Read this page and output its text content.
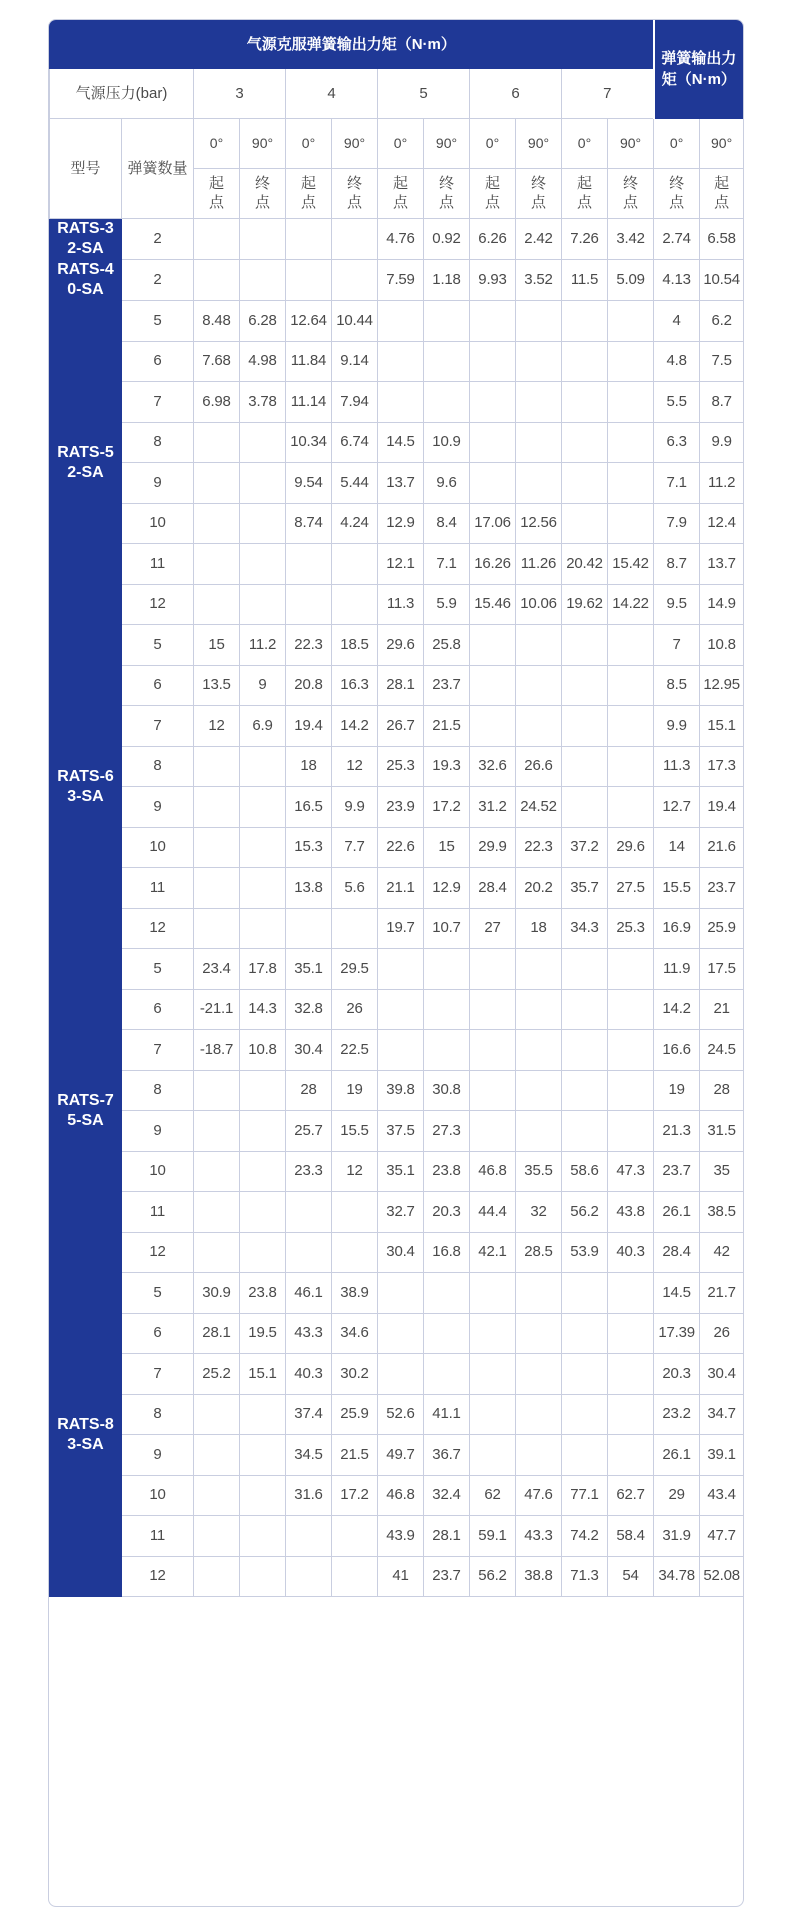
气源克服弹簧输出力矩（N·m）												弹簧输出力矩（N·m）	

气源压力(bar)		3		4		5		6		7			
型号	弹簧数量	0°	90°	0°	90°	0°	90°	0°	90°	0°	90°	0°	90°

		起点	终点	起点	终点	起点	终点	起点	终点	起点	终点	终点	起点

RATS-32-SA	2					4.76	0.92	6.26	2.42	7.26	3.42	2.74	6.58

RATS-40-SA	2					7.59	1.18	9.93	3.52	11.5	5.09	4.13	10.54

RATS-52-SA	5	8.48	6.28	12.64	10.44							4	6.2
	6	7.68	4.98	11.84	9.14							4.8	7.5
	7	6.98	3.78	11.14	7.94							5.5	8.7
	8			10.34	6.74	14.5	10.9					6.3	9.9
	9			9.54	5.44	13.7	9.6					7.1	11.2
	10			8.74	4.24	12.9	8.4	17.06	12.56			7.9	12.4
	11					12.1	7.1	16.26	11.26	20.42	15.42	8.7	13.7
	12					11.3	5.9	15.46	10.06	19.62	14.22	9.5	14.9

RATS-63-SA	5	15	11.2	22.3	18.5	29.6	25.8					7	10.8
	6	13.5	9	20.8	16.3	28.1	23.7					8.5	12.95
	7	12	6.9	19.4	14.2	26.7	21.5					9.9	15.1
	8			18	12	25.3	19.3	32.6	26.6			11.3	17.3
	9			16.5	9.9	23.9	17.2	31.2	24.52			12.7	19.4
	10			15.3	7.7	22.6	15	29.9	22.3	37.2	29.6	14	21.6
	11			13.8	5.6	21.1	12.9	28.4	20.2	35.7	27.5	15.5	23.7
	12					19.7	10.7	27	18	34.3	25.3	16.9	25.9

RATS-75-SA	5	23.4	17.8	35.1	29.5							11.9	17.5
	6	-21.1	14.3	32.8	26							14.2	21
	7	-18.7	10.8	30.4	22.5							16.6	24.5
	8			28	19	39.8	30.8					19	28
	9			25.7	15.5	37.5	27.3					21.3	31.5
	10			23.3	12	35.1	23.8	46.8	35.5	58.6	47.3	23.7	35
	11					32.7	20.3	44.4	32	56.2	43.8	26.1	38.5
	12					30.4	16.8	42.1	28.5	53.9	40.3	28.4	42

RATS-83-SA	5	30.9	23.8	46.1	38.9							14.5	21.7
	6	28.1	19.5	43.3	34.6							17.39	26
	7	25.2	15.1	40.3	30.2							20.3	30.4
	8			37.4	25.9	52.6	41.1					23.2	34.7
	9			34.5	21.5	49.7	36.7					26.1	39.1
	10			31.6	17.2	46.8	32.4	62	47.6	77.1	62.7	29	43.4
	11					43.9	28.1	59.1	43.3	74.2	58.4	31.9	47.7
	12					41	23.7	56.2	38.8	71.3	54	34.78	52.08
